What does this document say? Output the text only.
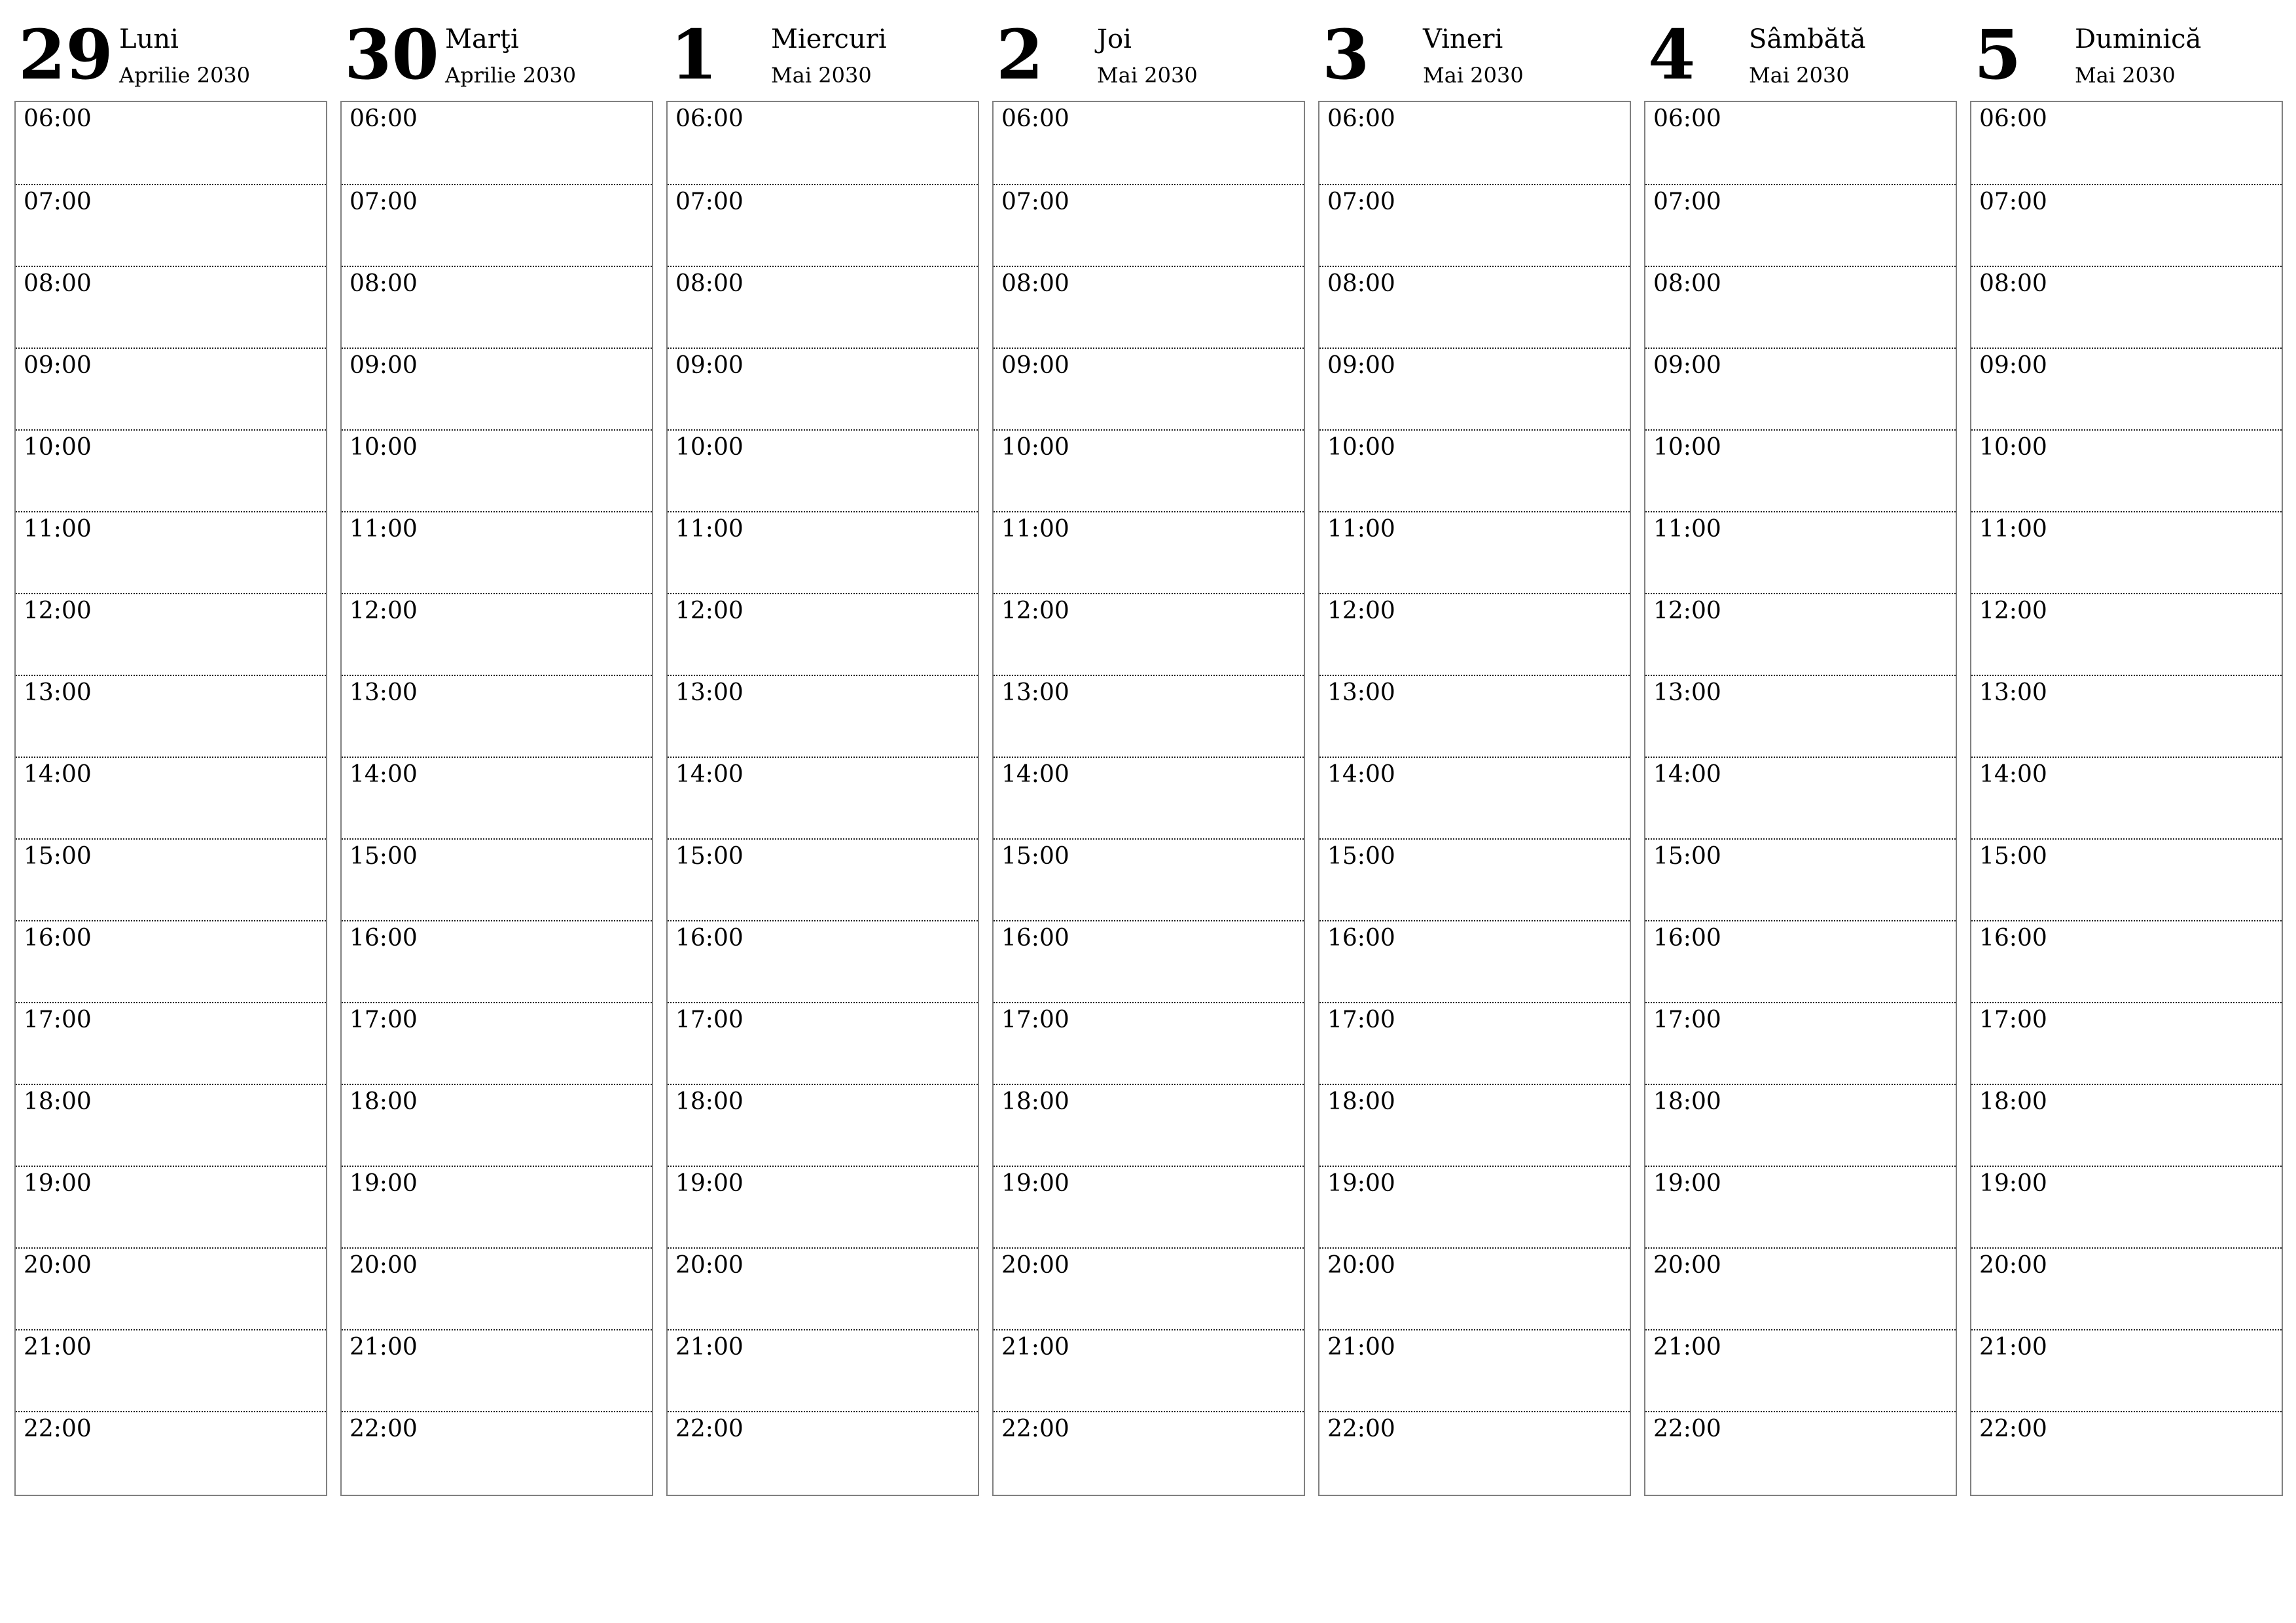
29 Luni
Aprilie 2030
06:00
07:00
08:00
09:00
10:00
11:00
12:00
13:00
14:00
15:00
16:00
17:00
18:00
19:00
20:00
21:00
22:00
30 Marţi
Aprilie 2030
06:00
07:00
08:00
09:00
10:00
11:00
12:00
13:00
14:00
15:00
16:00
17:00
18:00
19:00
20:00
21:00
22:00
1 Miercuri
Mai 2030
06:00
07:00
08:00
09:00
10:00
11:00
12:00
13:00
14:00
15:00
16:00
17:00
18:00
19:00
20:00
21:00
22:00
2 Joi
Mai 2030
06:00
07:00
08:00
09:00
10:00
11:00
12:00
13:00
14:00
15:00
16:00
17:00
18:00
19:00
20:00
21:00
22:00
3 Vineri
Mai 2030
06:00
07:00
08:00
09:00
10:00
11:00
12:00
13:00
14:00
15:00
16:00
17:00
18:00
19:00
20:00
21:00
22:00
4 Sâmbătă
Mai 2030
06:00
07:00
08:00
09:00
10:00
11:00
12:00
13:00
14:00
15:00
16:00
17:00
18:00
19:00
20:00
21:00
22:00
5 Duminică
Mai 2030
06:00
07:00
08:00
09:00
10:00
11:00
12:00
13:00
14:00
15:00
16:00
17:00
18:00
19:00
20:00
21:00
22:00
